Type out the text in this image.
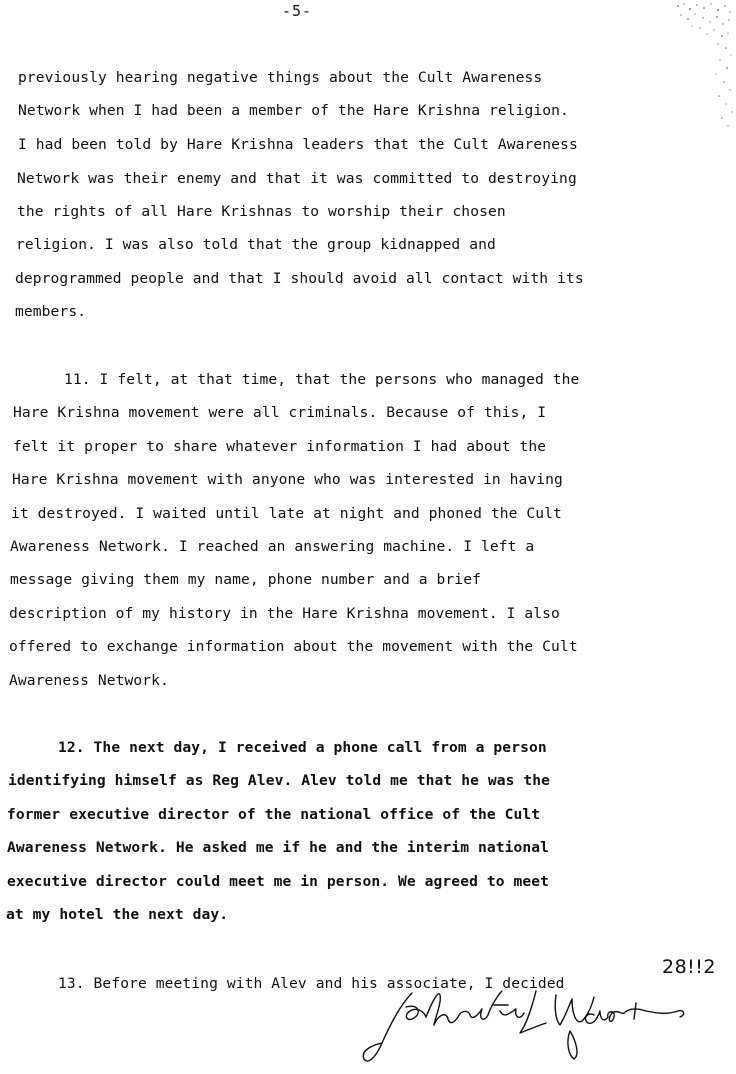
-5-
previously hearing negative things about the Cult Awareness
Network when I had been a member of the Hare Krishna religion.
I had been told by Hare Krishna leaders that the Cult Awareness
Network was their enemy and that it was committed to destroying
the rights of all Hare Krishnas to worship their chosen
religion. I was also told that the group kidnapped and
deprogrammed people and that I should avoid all contact with its
members.
11. I felt, at that time, that the persons who managed the
Hare Krishna movement were all criminals. Because of this, I
felt it proper to share whatever information I had about the
Hare Krishna movement with anyone who was interested in having
it destroyed. I waited until late at night and phoned the Cult
Awareness Network. I reached an answering machine. I left a
message giving them my name, phone number and a brief
description of my history in the Hare Krishna movement. I also
offered to exchange information about the movement with the Cult
Awareness Network.
12. The next day, I received a phone call from a person
identifying himself as Reg Alev. Alev told me that he was the
former executive director of the national office of the Cult
Awareness Network. He asked me if he and the interim national
executive director could meet me in person. We agreed to meet
at my hotel the next day.
13. Before meeting with Alev and his associate, I decided
28!!2
